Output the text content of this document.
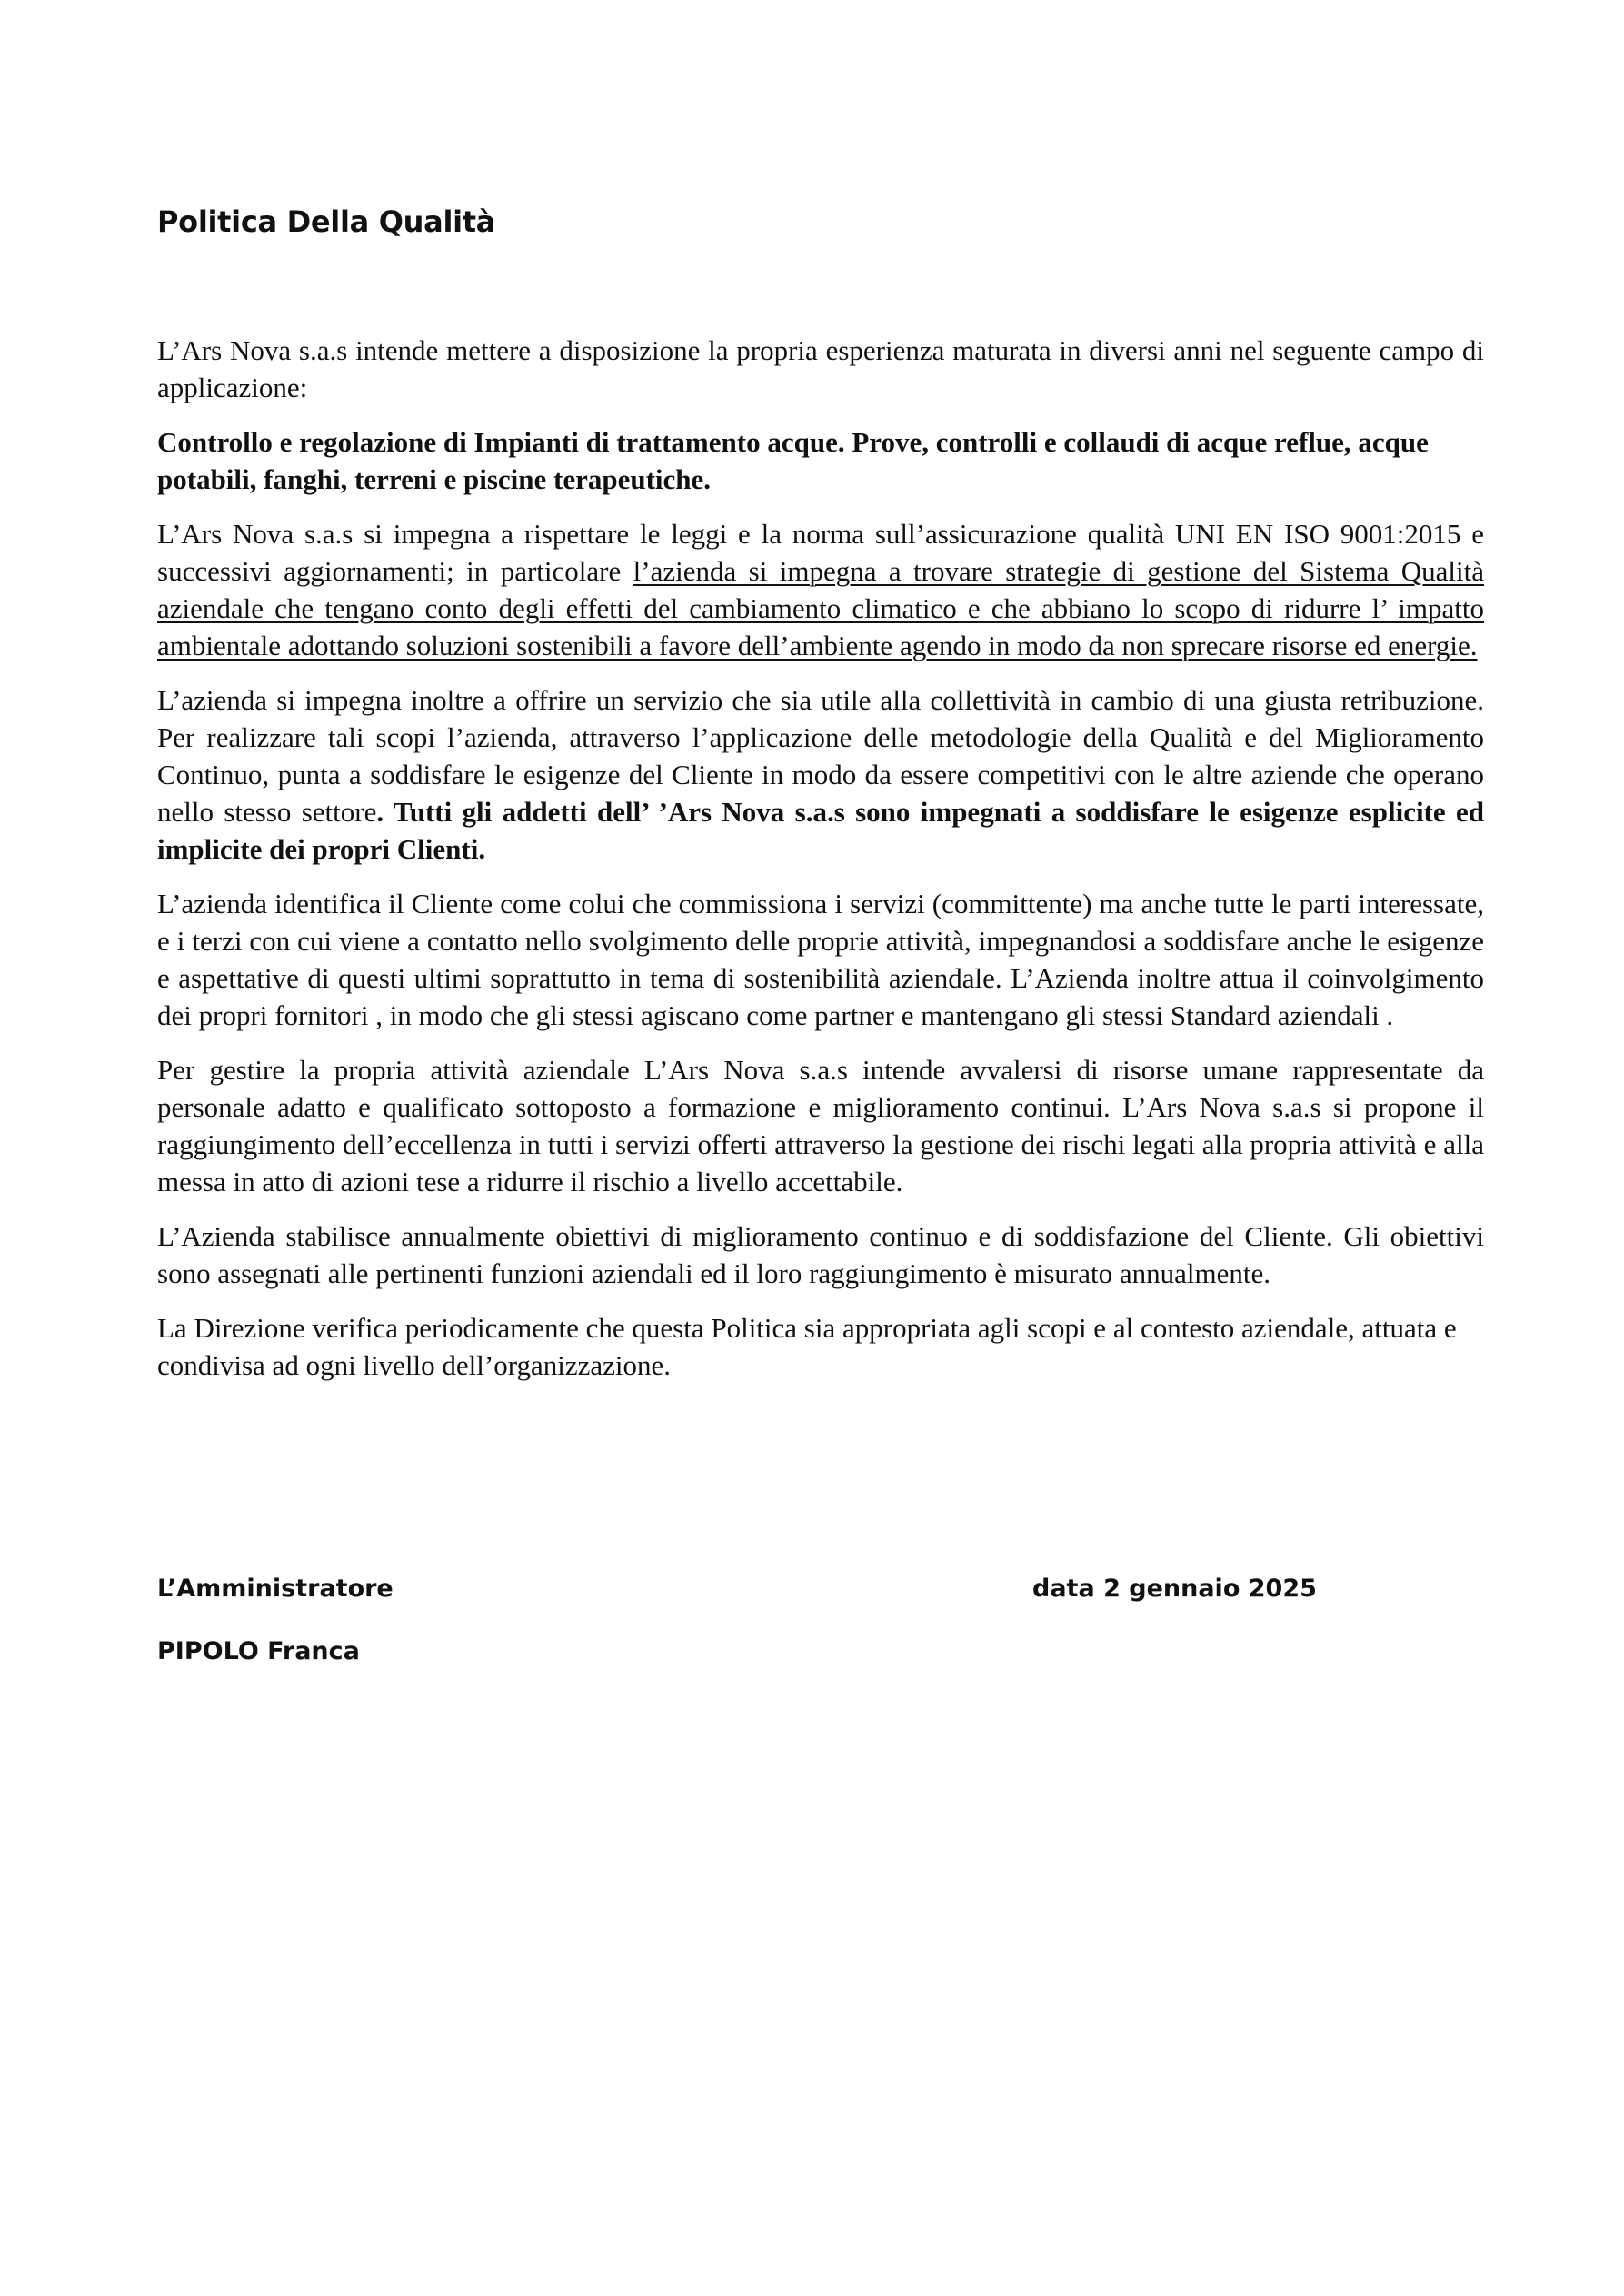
Politica Della Qualità

L’Ars Nova s.a.s intende mettere a disposizione la propria esperienza maturata in diversi anni nel seguente campo di applicazione:

Controllo e regolazione di Impianti di trattamento acque. Prove, controlli e collaudi di acque reflue, acque potabili, fanghi, terreni e piscine terapeutiche.

L’Ars Nova s.a.s si impegna a rispettare le leggi e la norma sull’assicurazione qualità UNI EN ISO 9001:2015 e successivi aggiornamenti; in particolare l’azienda si impegna a trovare strategie di gestione del Sistema Qualità aziendale che tengano conto degli effetti del cambiamento climatico e che abbiano lo scopo di ridurre l’ impatto ambientale adottando soluzioni sostenibili a favore dell’ambiente agendo in modo da non sprecare risorse ed energie.

L’azienda si impegna inoltre a offrire un servizio che sia utile alla collettività in cambio di una giusta retribuzione. Per realizzare tali scopi l’azienda, attraverso l’applicazione delle metodologie della Qualità e del Miglioramento Continuo, punta a soddisfare le esigenze del Cliente in modo da essere competitivi con le altre aziende che operano nello stesso settore. Tutti gli addetti dell’ ’Ars Nova s.a.s sono impegnati a soddisfare le esigenze esplicite ed implicite dei propri Clienti.

L’azienda identifica il Cliente come colui che commissiona i servizi (committente) ma anche tutte le parti interessate, e i terzi con cui viene a contatto nello svolgimento delle proprie attività, impegnandosi a soddisfare anche le esigenze e aspettative di questi ultimi soprattutto in tema di sostenibilità aziendale. L’Azienda inoltre attua il coinvolgimento dei propri fornitori , in modo che gli stessi agiscano come partner e mantengano gli stessi Standard aziendali .

Per gestire la propria attività aziendale L’Ars Nova s.a.s intende avvalersi di risorse umane rappresentate da personale adatto e qualificato sottoposto a formazione e miglioramento continui. L’Ars Nova s.a.s si propone il raggiungimento dell’eccellenza in tutti i servizi offerti attraverso la gestione dei rischi legati alla propria attività e alla messa in atto di azioni tese a ridurre il rischio a livello accettabile.

L’Azienda stabilisce annualmente obiettivi di miglioramento continuo e di soddisfazione del Cliente. Gli obiettivi sono assegnati alle pertinenti funzioni aziendali ed il loro raggiungimento è misurato annualmente.

La Direzione verifica periodicamente che questa Politica sia appropriata agli scopi e al contesto aziendale, attuata e condivisa ad ogni livello dell’organizzazione.

L’Amministratore	data 2 gennaio 2025

PIPOLO Franca
